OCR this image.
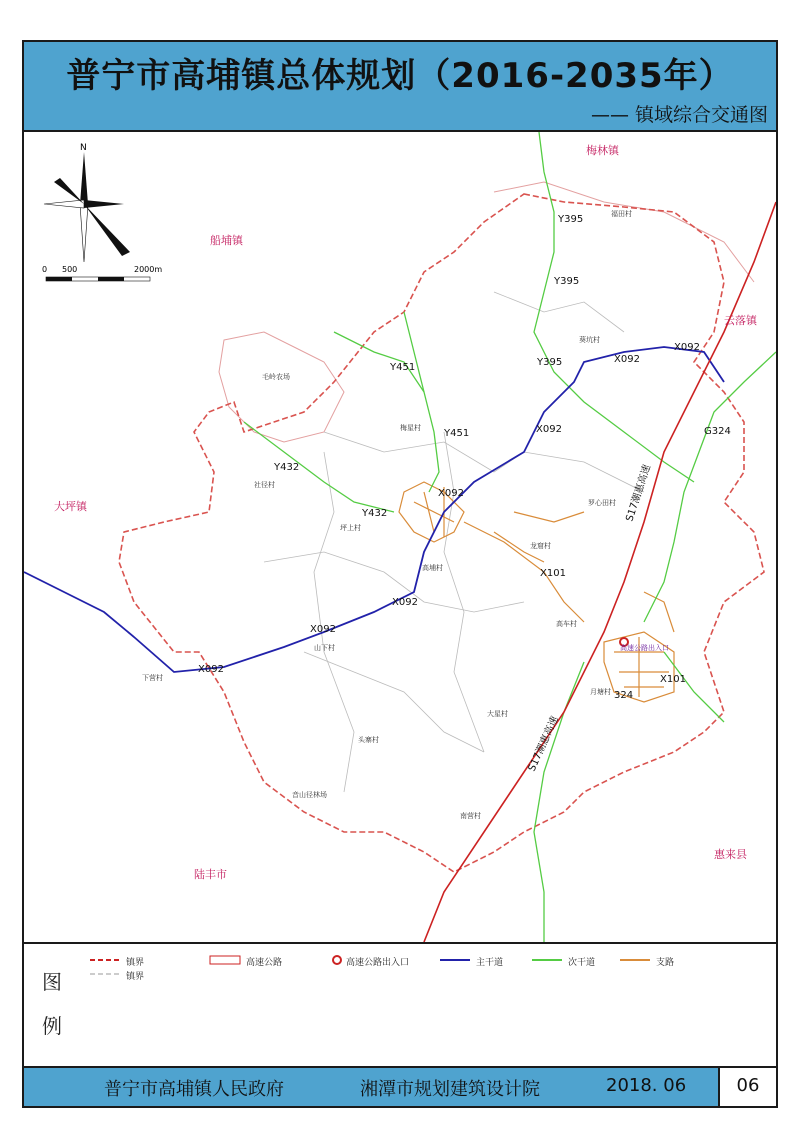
普宁市高埔镇总体规划（2016-2035年）
—— 镇域综合交通图
N
0 500	2000m
梅林镇
船埔镇
云落镇
大坪镇
陆丰市
惠来县
福田村
葵坑村
毛岭农场
梅星村
罗心田村
社径村
坪上村
龙窟村
高埔村
高车村
山下村
下营村
月塘村
大星村
头寨村
音山径林场
南营村
Y395
Y395
Y395	X092
X092
Y451
Y451	X092	G324
Y432
X092
Y432
X101
X092
X092
X092
X101
324
S17潮惠高速
S17潮惠高速
高速公路出入口
图
例
镇界
镇界
高速公路	高速公路出入口	主干道	次干道	支路
普宁市高埔镇人民政府	湘潭市规划建筑设计院	2018. 06	06
